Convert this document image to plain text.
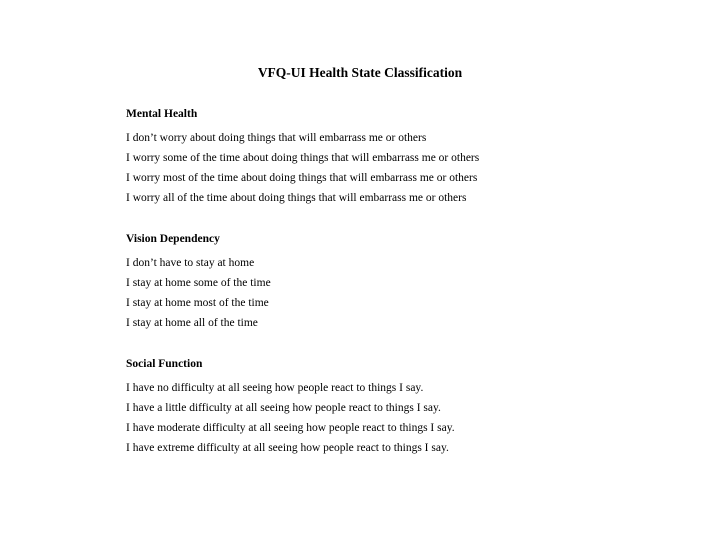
VFQ-UI Health State Classification
Mental Health
I don’t worry about doing things that will embarrass me or others
I worry some of the time about doing things that will embarrass me or others
I worry most of the time about doing things that will embarrass me or others
I worry all of the time about doing things that will embarrass me or others
Vision Dependency
I don’t have to stay at home
I stay at home some of the time
I stay at home most of the time
I stay at home all of the time
Social Function
I have no difficulty at all seeing how people react to things I say.
I have a little difficulty at all seeing how people react to things I say.
I have moderate difficulty at all seeing how people react to things I say.
I have extreme difficulty at all seeing how people react to things I say.
